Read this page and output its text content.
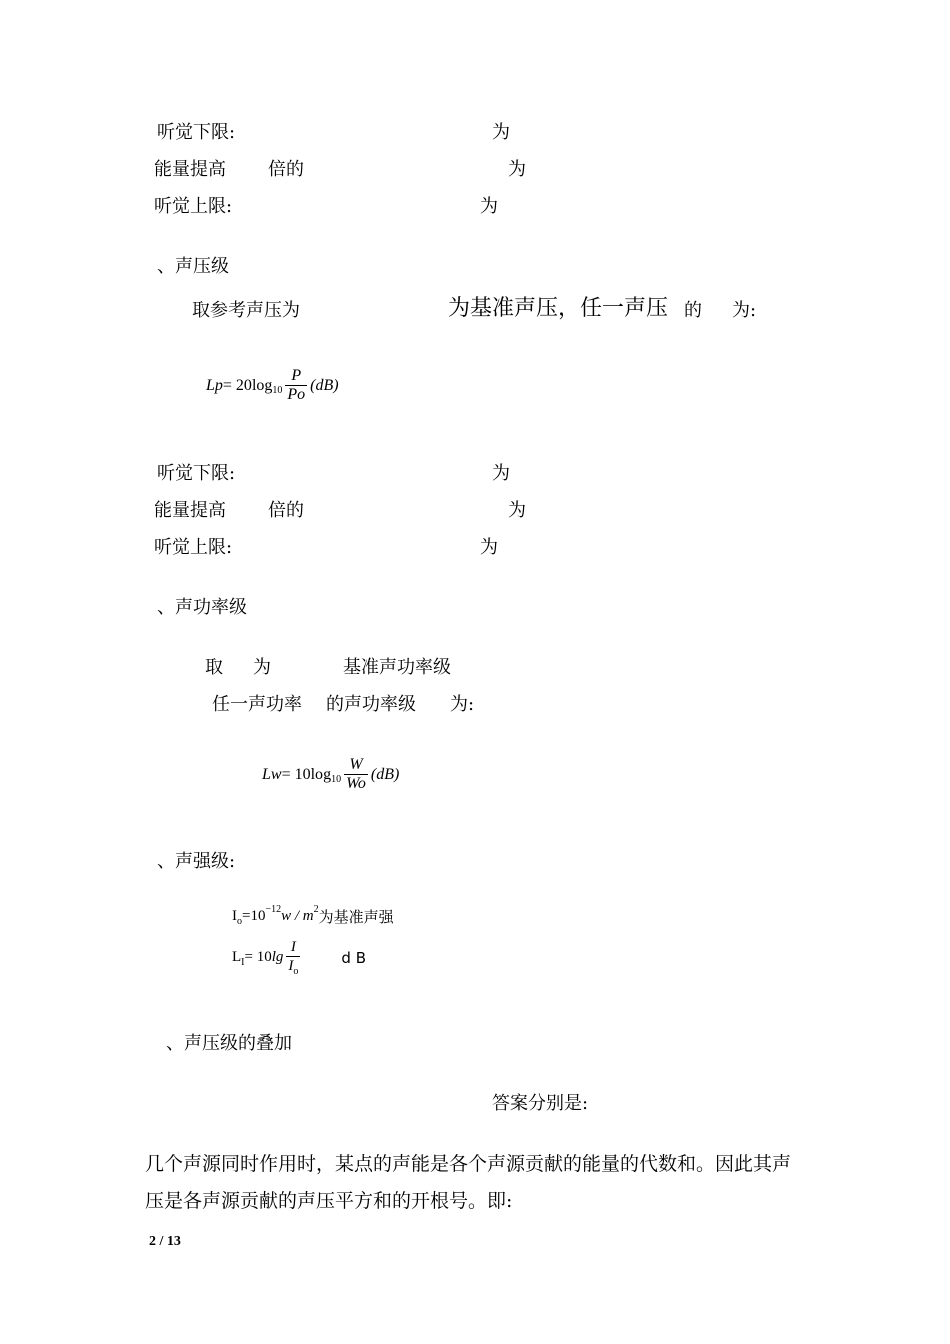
听觉下限:	为
能量提高 倍的	为
听觉上限:	为
、声压级
取参考声压为	为基准声压，任一声压 的 为:
Lp = 20 lo g $10 \frac{P}{Po} (dB)$
听觉下限:	为
能量提高 倍的	为
听觉上限:	为
、声功率级
取 为	基准声功率级
任一声功率 的声功率级 为:
Lw = 10 lo g $10 \frac{W}{Wo} (dB)$
、声强级:
I o =10 −12 w / m 2 为基准声强
L I = 10 $\lg \frac{I}{I_o}$	d B
、声压级的叠加
答案分别是:
几个声源同时作用时，某点的声能是各个声源贡献的能量的代数和。因此其声
压是各声源贡献的声压平方和的开根号。即:
2 / 13
